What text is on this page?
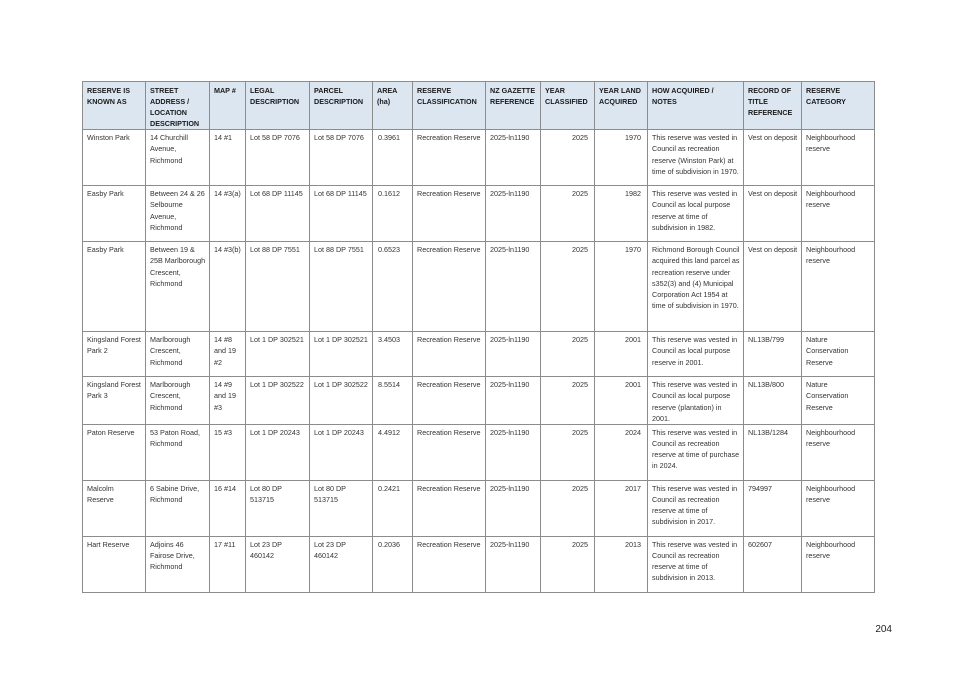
RESERVE IS KNOWN AS	STREET ADDRESS / LOCATION DESCRIPTION	MAP #	LEGAL DESCRIPTION	PARCEL DESCRIPTION	AREA (ha)	RESERVE CLASSIFICATION	NZ GAZETTE REFERENCE	YEAR CLASSIFIED	YEAR LAND ACQUIRED	HOW ACQUIRED / NOTES	RECORD OF TITLE REFERENCE	RESERVE CATEGORY
Winston Park	14 Churchill Avenue, Richmond	14 #1	Lot 58 DP 7076	Lot 58 DP 7076	0.3961	Recreation Reserve	2025-ln1190	2025	1970	This reserve was vested in Council as recreation reserve (Winston Park) at time of subdivision in 1970.	Vest on deposit	Neighbourhood reserve
Easby Park	Between 24 & 26 Selbourne Avenue, Richmond	14 #3(a)	Lot 68 DP 11145	Lot 68 DP 11145	0.1612	Recreation Reserve	2025-ln1190	2025	1982	This reserve was vested in Council as local purpose reserve at time of subdivision in 1982.	Vest on deposit	Neighbourhood reserve
Easby Park	Between 19 & 25B Marlborough Crescent, Richmond	14 #3(b)	Lot 88 DP 7551	Lot 88 DP 7551	0.6523	Recreation Reserve	2025-ln1190	2025	1970	Richmond Borough Council acquired this land parcel as recreation reserve under s352(3) and (4) Municipal Corporation Act 1954 at time of subdivision in 1970.	Vest on deposit	Neighbourhood reserve
Kingsland Forest Park 2	Marlborough Crescent, Richmond	14 #8 and 19 #2	Lot 1 DP 302521	Lot 1 DP 302521	3.4503	Recreation Reserve	2025-ln1190	2025	2001	This reserve was vested in Council as local purpose reserve in 2001.	NL13B/799	Nature Conservation Reserve
Kingsland Forest Park 3	Marlborough Crescent, Richmond	14 #9 and 19 #3	Lot 1 DP 302522	Lot 1 DP 302522	8.5514	Recreation Reserve	2025-ln1190	2025	2001	This reserve was vested in Council as local purpose reserve (plantation) in 2001.	NL13B/800	Nature Conservation Reserve
Paton Reserve	53 Paton Road, Richmond	15 #3	Lot 1 DP 20243	Lot 1 DP 20243	4.4912	Recreation Reserve	2025-ln1190	2025	2024	This reserve was vested in Council as recreation reserve at time of purchase in 2024.	NL13B/1284	Neighbourhood reserve
Malcolm Reserve	6 Sabine Drive, Richmond	16 #14	Lot 80 DP 513715	Lot 80 DP 513715	0.2421	Recreation Reserve	2025-ln1190	2025	2017	This reserve was vested in Council as recreation reserve at time of subdivision in 2017.	794997	Neighbourhood reserve
Hart Reserve	Adjoins 46 Fairose Drive, Richmond	17 #11	Lot 23 DP 460142	Lot 23 DP 460142	0.2036	Recreation Reserve	2025-ln1190	2025	2013	This reserve was vested in Council as recreation reserve at time of subdivision in 2013.	602607	Neighbourhood reserve
204
